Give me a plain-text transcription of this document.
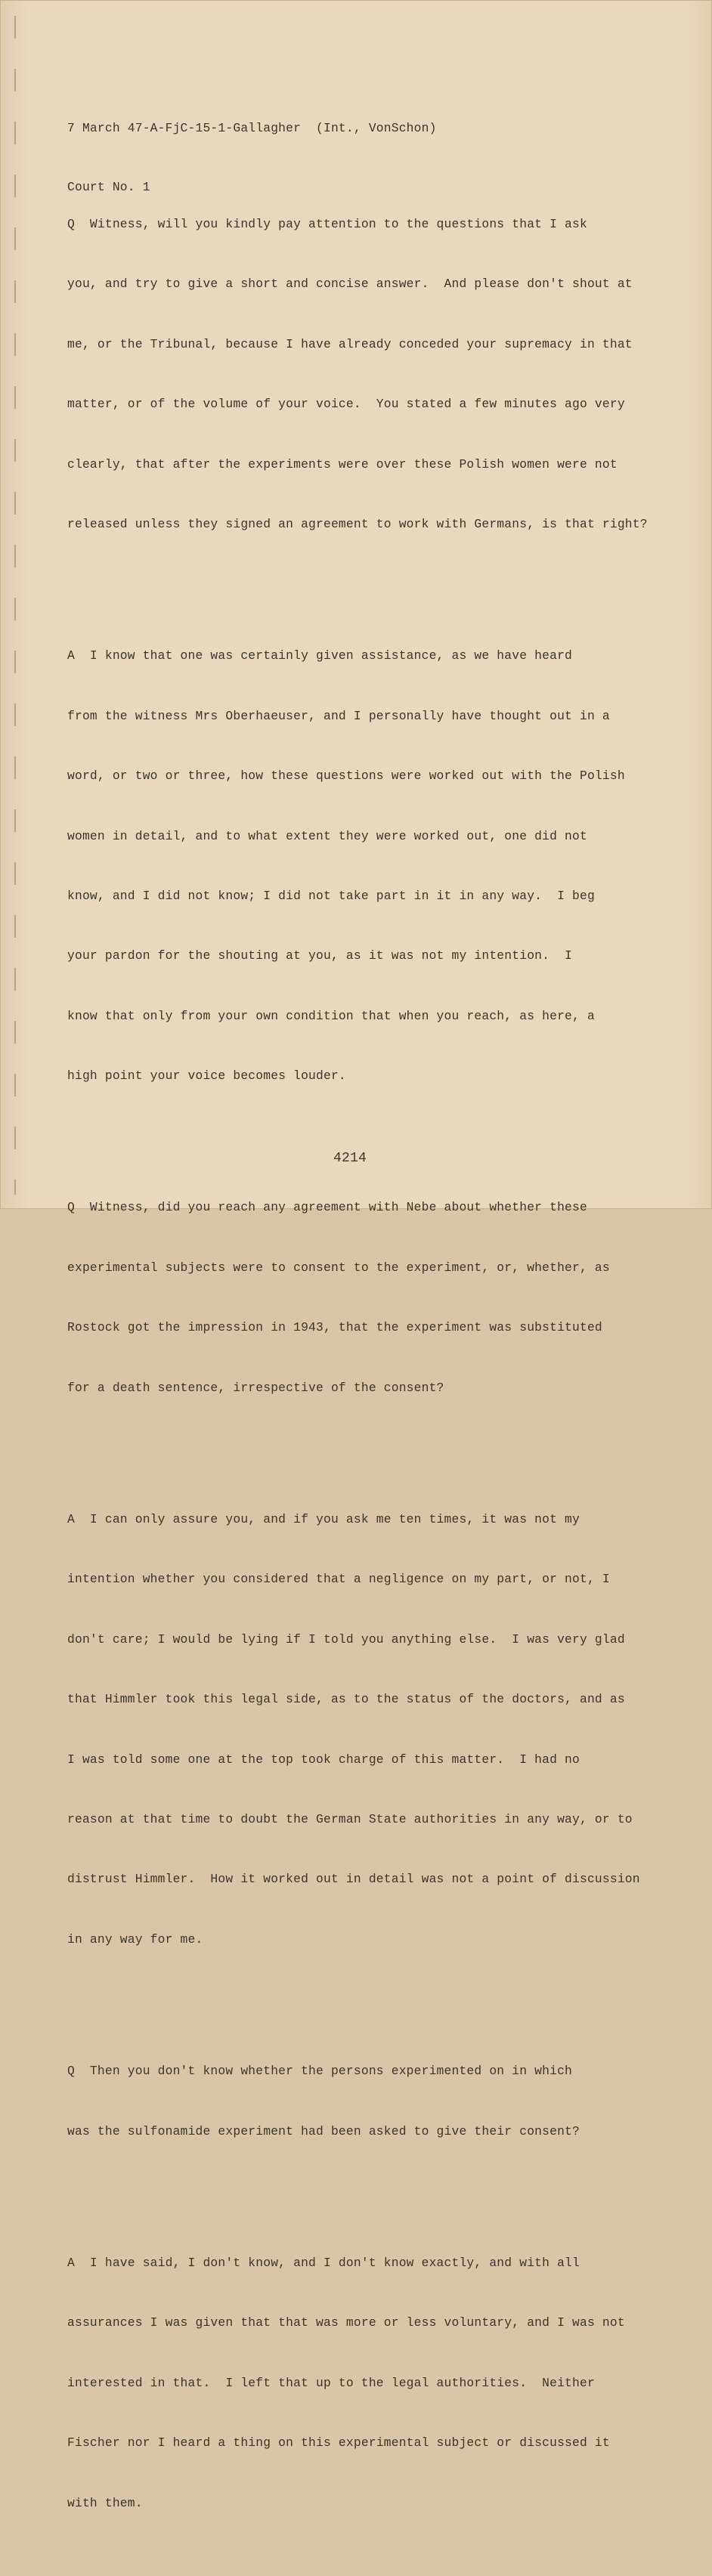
7 March 47-A-FjC-15-1-Gallagher  (Int., VonSchon)

Court No. 1

Q  Witness, will you kindly pay attention to the questions that I ask

you, and try to give a short and concise answer.  And please don't shout at

me, or the Tribunal, because I have already conceded your supremacy in that

matter, or of the volume of your voice.  You stated a few minutes ago very

clearly, that after the experiments were over these Polish women were not

released unless they signed an agreement to work with Germans, is that right?

A  I know that one was certainly given assistance, as we have heard

from the witness Mrs Oberhaeuser, and I personally have thought out in a

word, or two or three, how these questions were worked out with the Polish

women in detail, and to what extent they were worked out, one did not

know, and I did not know; I did not take part in it in any way.  I beg

your pardon for the shouting at you, as it was not my intention.  I

know that only from your own condition that when you reach, as here, a

high point your voice becomes louder.

Q  Witness, did you reach any agreement with Nebe about whether these

experimental subjects were to consent to the experiment, or, whether, as

Rostock got the impression in 1943, that the experiment was substituted

for a death sentence, irrespective of the consent?

A  I can only assure you, and if you ask me ten times, it was not my

intention whether you considered that a negligence on my part, or not, I

don't care; I would be lying if I told you anything else.  I was very glad

that Himmler took this legal side, as to the status of the doctors, and as

I was told some one at the top took charge of this matter.  I had no

reason at that time to doubt the German State authorities in any way, or to

distrust Himmler.  How it worked out in detail was not a point of discussion

in any way for me.

Q  Then you don't know whether the persons experimented on in which

was the sulfonamide experiment had been asked to give their consent?

A  I have said, I don't know, and I don't know exactly, and with all

assurances I was given that that was more or less voluntary, and I was not

interested in that.  I left that up to the legal authorities.  Neither

Fischer nor I heard a thing on this experimental subject or discussed it

with them.

4214
